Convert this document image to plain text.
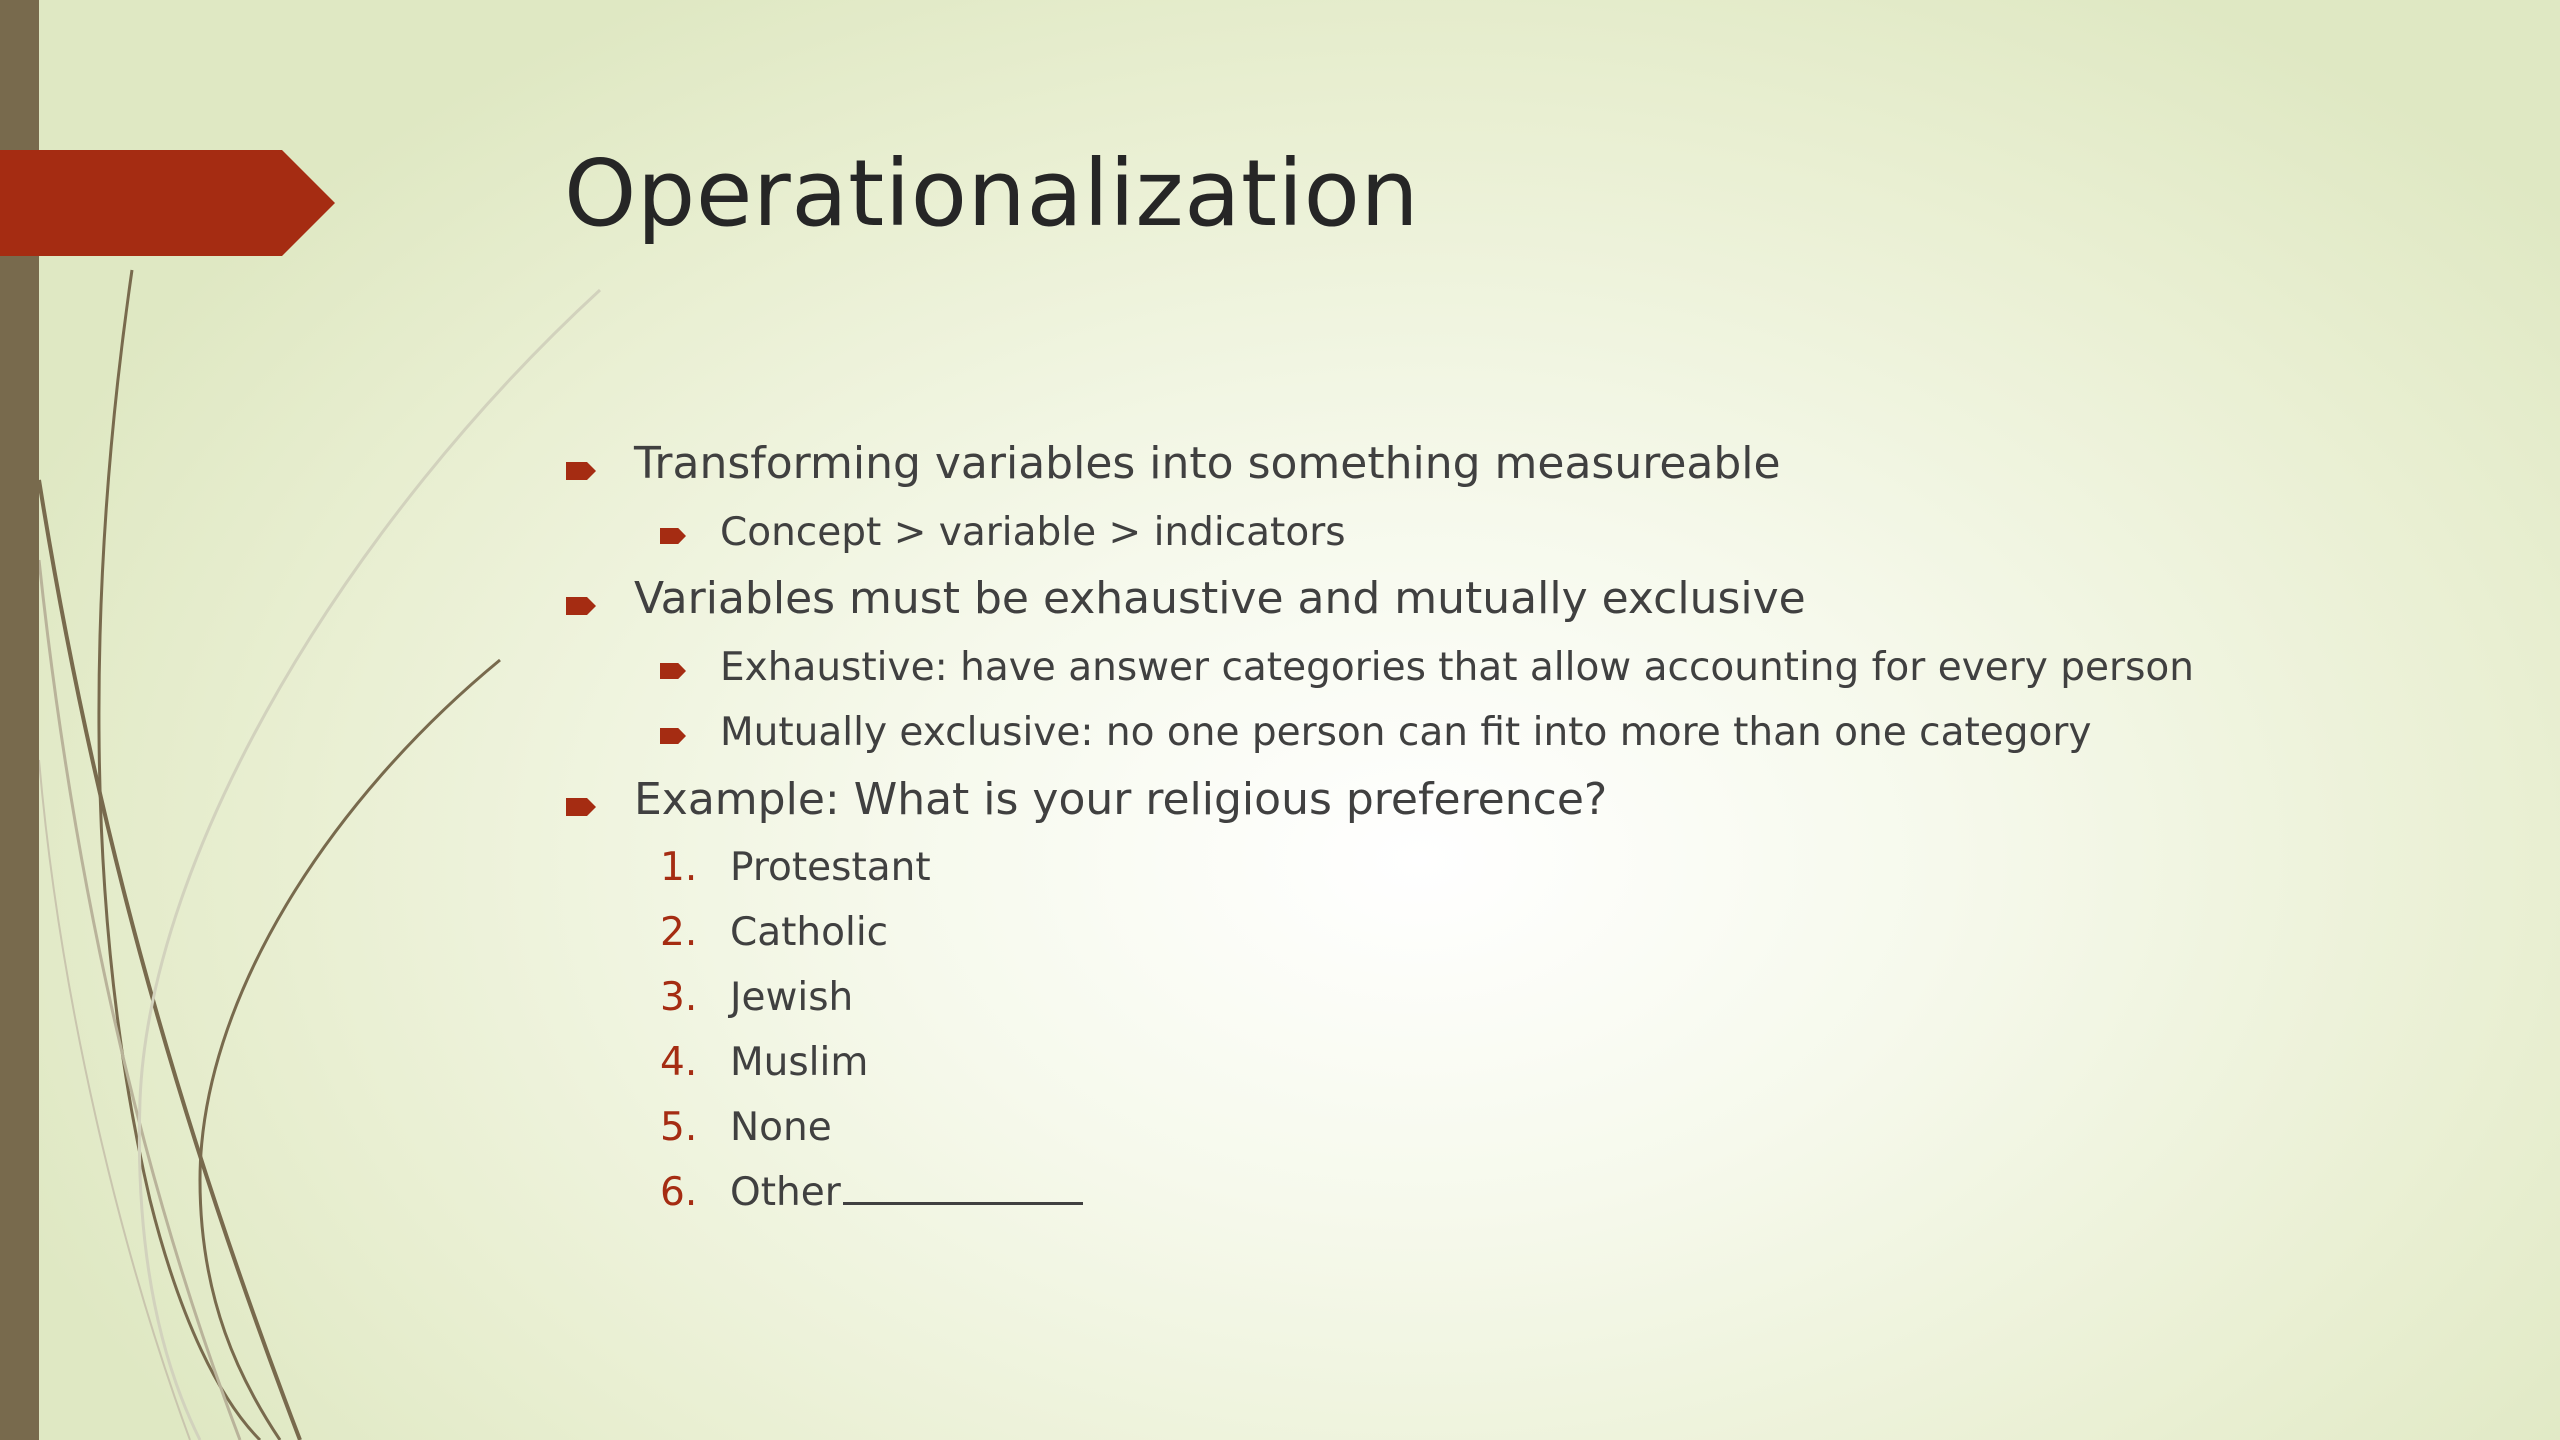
Operationalization
Transforming variables into something measureable
Concept > variable > indicators
Variables must be exhaustive and mutually exclusive
Exhaustive: have answer categories that allow accounting for every person
Mutually exclusive: no one person can fit into more than one category
Example: What is your religious preference?
1. Protestant
2. Catholic
3. Jewish
4. Muslim
5. None
6. Other
